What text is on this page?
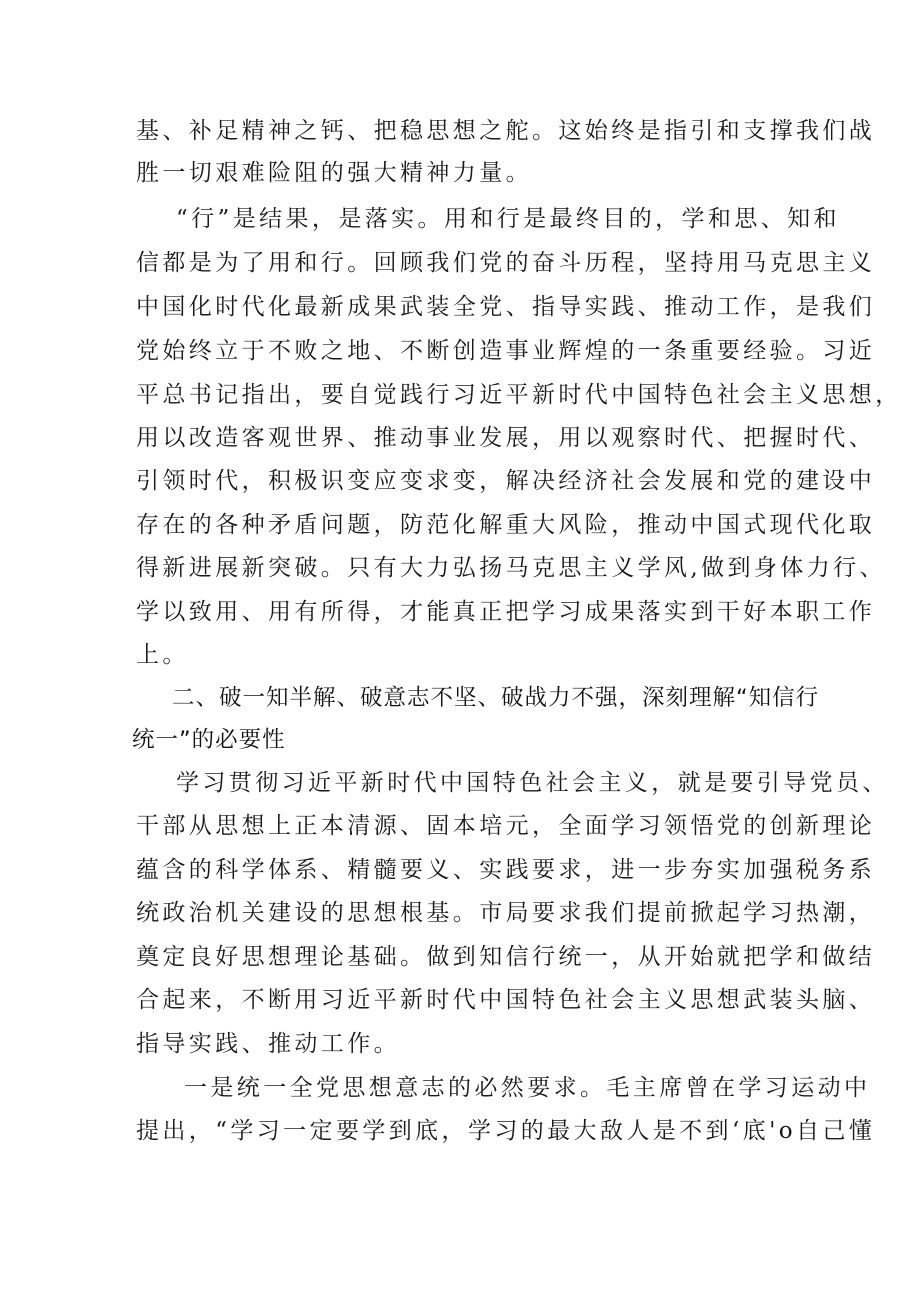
基、补足精神之钙、把稳思想之舵。这始终是指引和支撑我们战
胜一切艰难险阻的强大精神力量。
“行”是结果，是落实。用和行是最终目的，学和思、知和
信都是为了用和行。回顾我们党的奋斗历程，坚持用马克思主义
中国化时代化最新成果武装全党、指导实践、推动工作，是我们
党始终立于不败之地、不断创造事业辉煌的一条重要经验。习近
平总书记指出，要自觉践行习近平新时代中国特色社会主义思想，
用以改造客观世界、推动事业发展，用以观察时代、把握时代、
引领时代，积极识变应变求变，解决经济社会发展和党的建设中
存在的各种矛盾问题，防范化解重大风险，推动中国式现代化取
得新进展新突破。只有大力弘扬马克思主义学风,做到身体力行、
学以致用、用有所得，才能真正把学习成果落实到干好本职工作
上。
二、破一知半解、破意志不坚、破战力不强，深刻理解“知信行
统一”的必要性
学习贯彻习近平新时代中国特色社会主义，就是要引导党员、
干部从思想上正本清源、固本培元，全面学习领悟党的创新理论
蕴含的科学体系、精髓要义、实践要求，进一步夯实加强税务系
统政治机关建设的思想根基。市局要求我们提前掀起学习热潮，
奠定良好思想理论基础。做到知信行统一，从开始就把学和做结
合起来，不断用习近平新时代中国特色社会主义思想武装头脑、
指导实践、推动工作。
一是统一全党思想意志的必然要求。毛主席曾在学习运动中
提出，“学习一定要学到底，学习的最大敌人是不到‘底'o自己懂
